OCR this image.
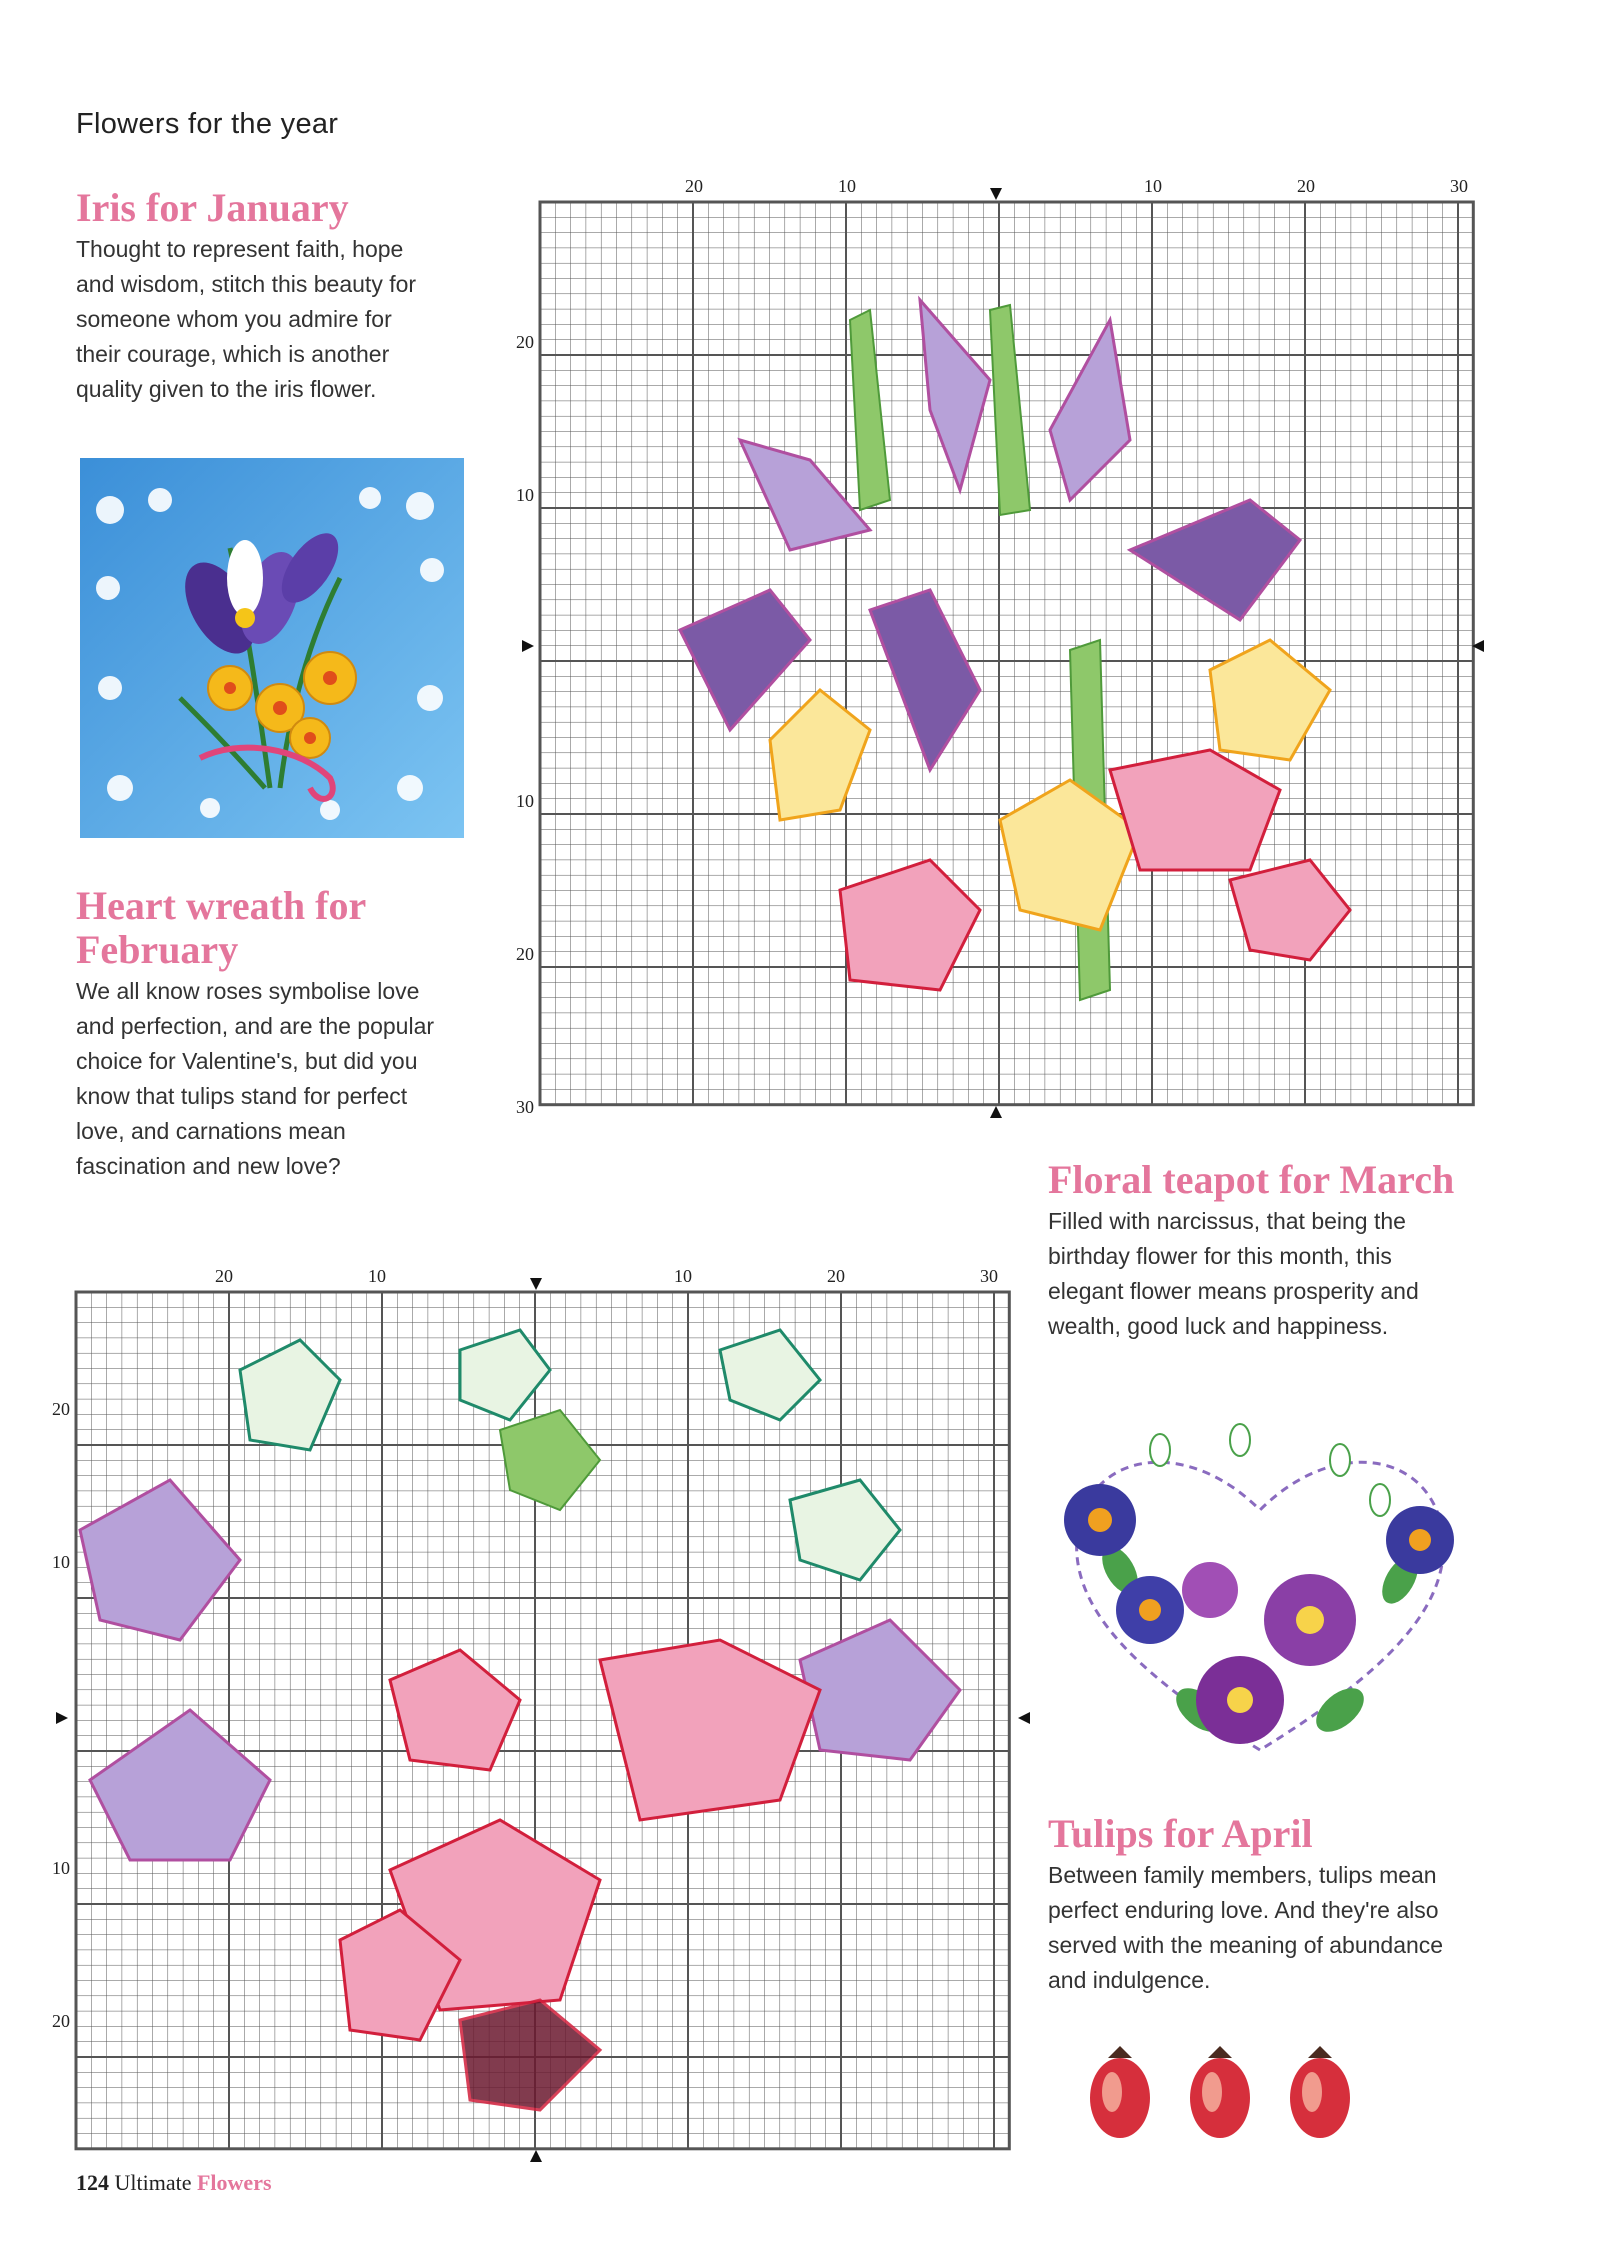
Flowers for the year
Iris for January

Thought to represent faith, hope and wisdom, stitch this beauty for someone whom you admire for their courage, which is another quality given to the iris flower.

Heart wreath for
February

We all know roses symbolise love and perfection, and are the popular choice for Valentine's, but did you know that tulips stand for perfect love, and carnations mean fascination and new love?	Floral teapot for March

Filled with narcissus, that being the birthday flower for this month, this elegant flower means prosperity and wealth, good luck and happiness.

Tulips for April

Between family members, tulips mean perfect enduring love. And they're also served with the meaning of abundance and indulgence.

20	10	10	20	30
20
10
10
20
30
20	10	10	20	30
20
10
10
20
124 Ultimate Flowers
